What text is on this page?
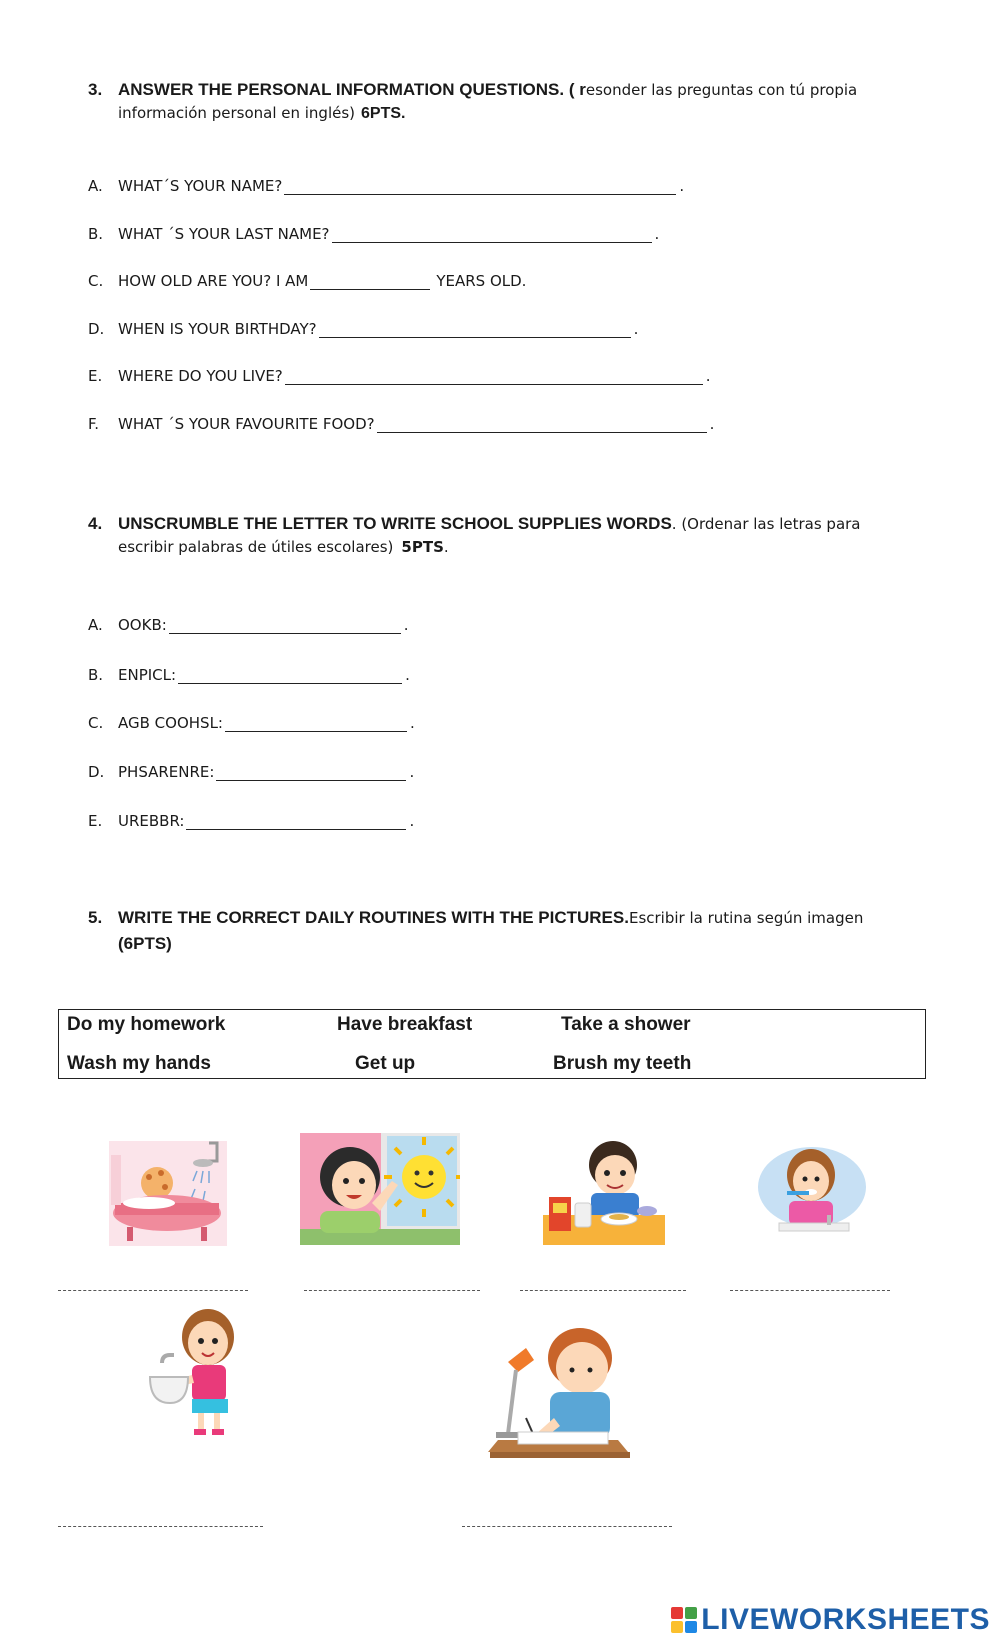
3. ANSWER THE PERSONAL INFORMATION QUESTIONS. ( r esonder las preguntas con tú propia
información personal en inglés) 6PTS.
A.	WHAT´S YOUR NAME?	.
B. WHAT ´S YOUR LAST NAME?	.
C. HOW OLD ARE YOU? I AM	YEARS OLD.
D. WHEN IS YOUR BIRTHDAY?	.
E.	WHERE DO YOU LIVE?	.
F.	WHAT ´S YOUR FAVOURITE FOOD?	.
4. UNSCRUMBLE THE LETTER TO WRITE SCHOOL SUPPLIES WORDS . (Ordenar las letras para
escribir palabras de útiles escolares) 5PTS .
A.	OOKB:	.
B. ENPICL:	.
C. AGB COOHSL:	.
D. PHSARENRE:	.
E.	UREBBR:	.
5. WRITE THE CORRECT DAILY ROUTINES WITH THE PICTURES. Escribir la rutina según imagen
(6PTS)
Do my homework	Have breakfast	Take a shower
Wash my hands	Get up	Brush my teeth
LIVEWORKSHEETS
